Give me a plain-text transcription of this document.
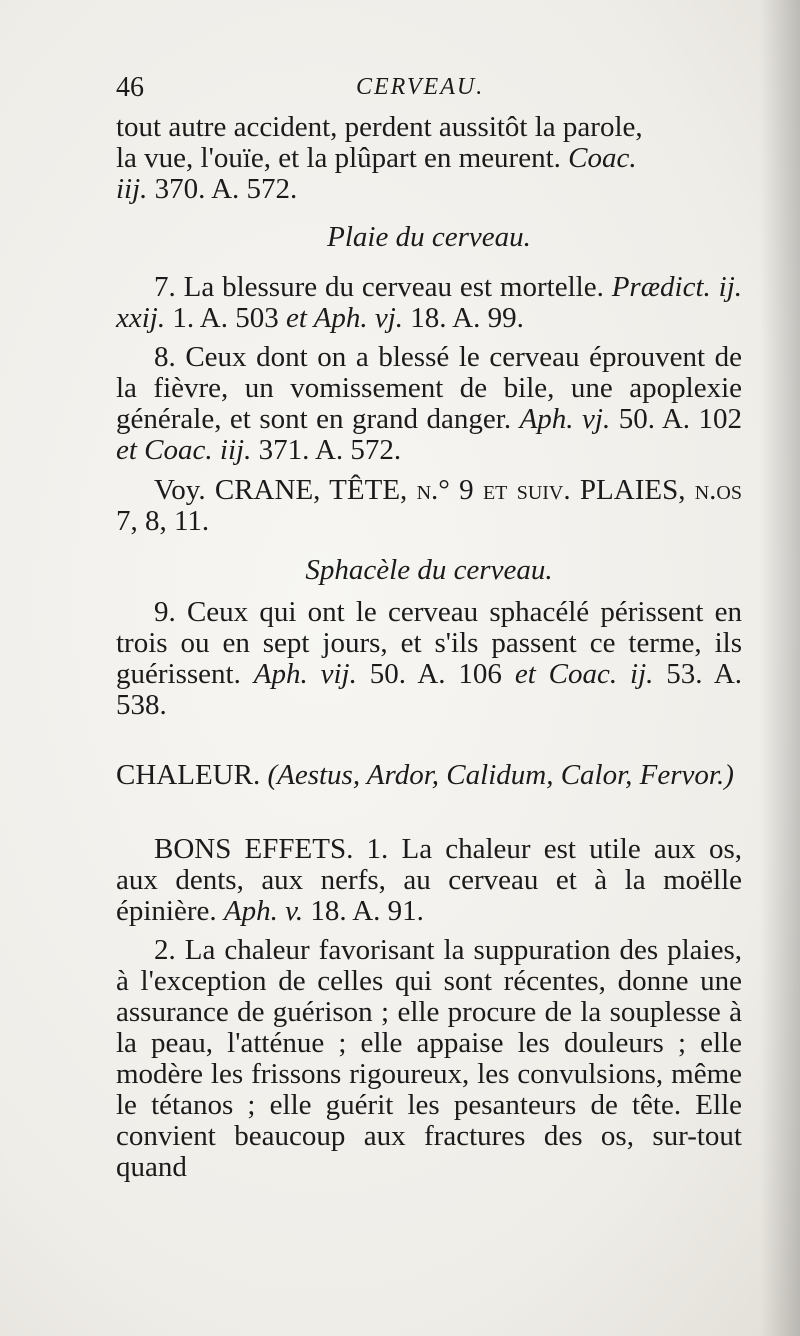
46	CERVEAU.
tout autre accident, perdent aussitôt la parole,
la vue, l'ouïe, et la plûpart en meurent. Coac.
iij. 370. A. 572.
Plaie du cerveau.
7. La blessure du cerveau est mortelle. Prædict. ij. xxij. 1. A. 503 et Aph. vj. 18. A. 99.
8. Ceux dont on a blessé le cerveau éprouvent de la fièvre, un vomissement de bile, une apoplexie générale, et sont en grand danger. Aph. vj. 50. A. 102 et Coac. iij. 371. A. 572.
Voy. CRANE, TÊTE, n.° 9 et suiv. PLAIES, n.os 7, 8, 11.
Sphacèle du cerveau.
9. Ceux qui ont le cerveau sphacélé périssent en trois ou en sept jours, et s'ils passent ce terme, ils guérissent. Aph. vij. 50. A. 106 et Coac. ij. 53. A. 538.
CHALEUR. (Aestus, Ardor, Calidum, Calor, Fervor.)
BONS EFFETS. 1. La chaleur est utile aux os, aux dents, aux nerfs, au cerveau et à la moëlle épinière. Aph. v. 18. A. 91.
2. La chaleur favorisant la suppuration des plaies, à l'exception de celles qui sont récentes, donne une assurance de guérison ; elle procure de la souplesse à la peau, l'atténue ; elle appaise les douleurs ; elle modère les frissons rigoureux, les convulsions, même le tétanos ; elle guérit les pesanteurs de tête. Elle convient beaucoup aux fractures des os, sur-tout quand
